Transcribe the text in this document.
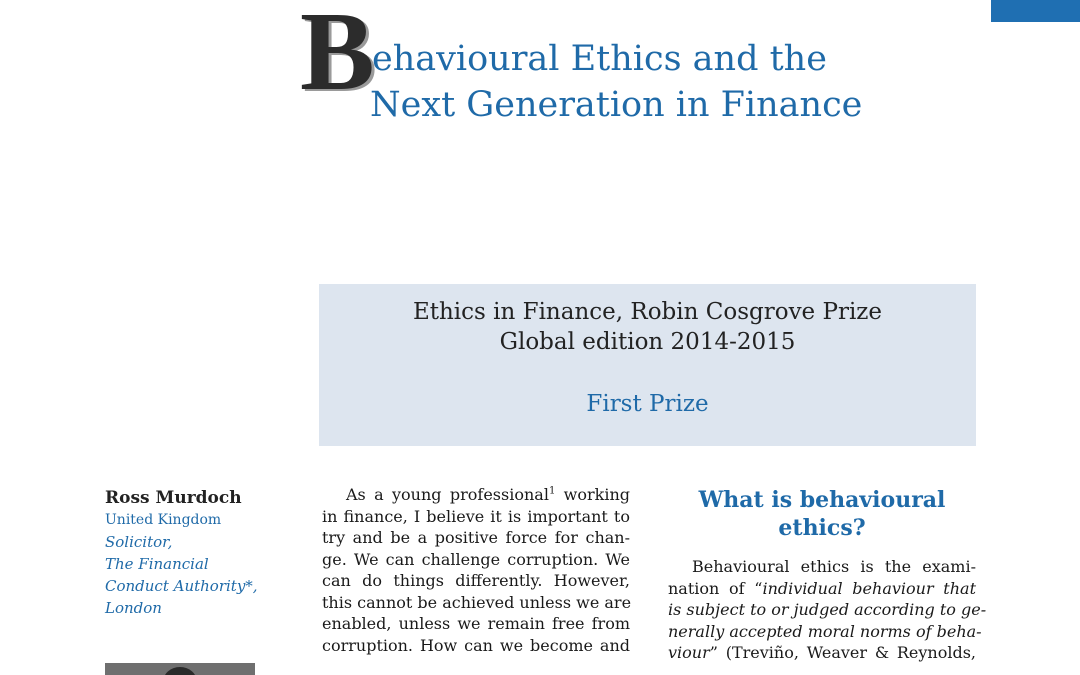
B ehavioural Ethics and the
Next Generation in Finance
Ethics in Finance, Robin Cosgrove Prize
Global edition 2014-2015
First Prize
Ross Murdoch
United Kingdom
Solicitor,
The Financial
Conduct Authority*,
London
As a young professional$^1$ working
in finance, I believe it is important to
try and be a positive force for chan-
ge. We can challenge corruption. We
can do things differently. However,
this cannot be achieved unless we are
enabled, unless we remain free from
corruption. How can we become and
What is behavioural
ethics?
Behavioural ethics is the exami-
nation of “individual behaviour that
is subject to or judged according to ge-
nerally accepted moral norms of beha-
viour” (Treviño, Weaver & Reynolds,
